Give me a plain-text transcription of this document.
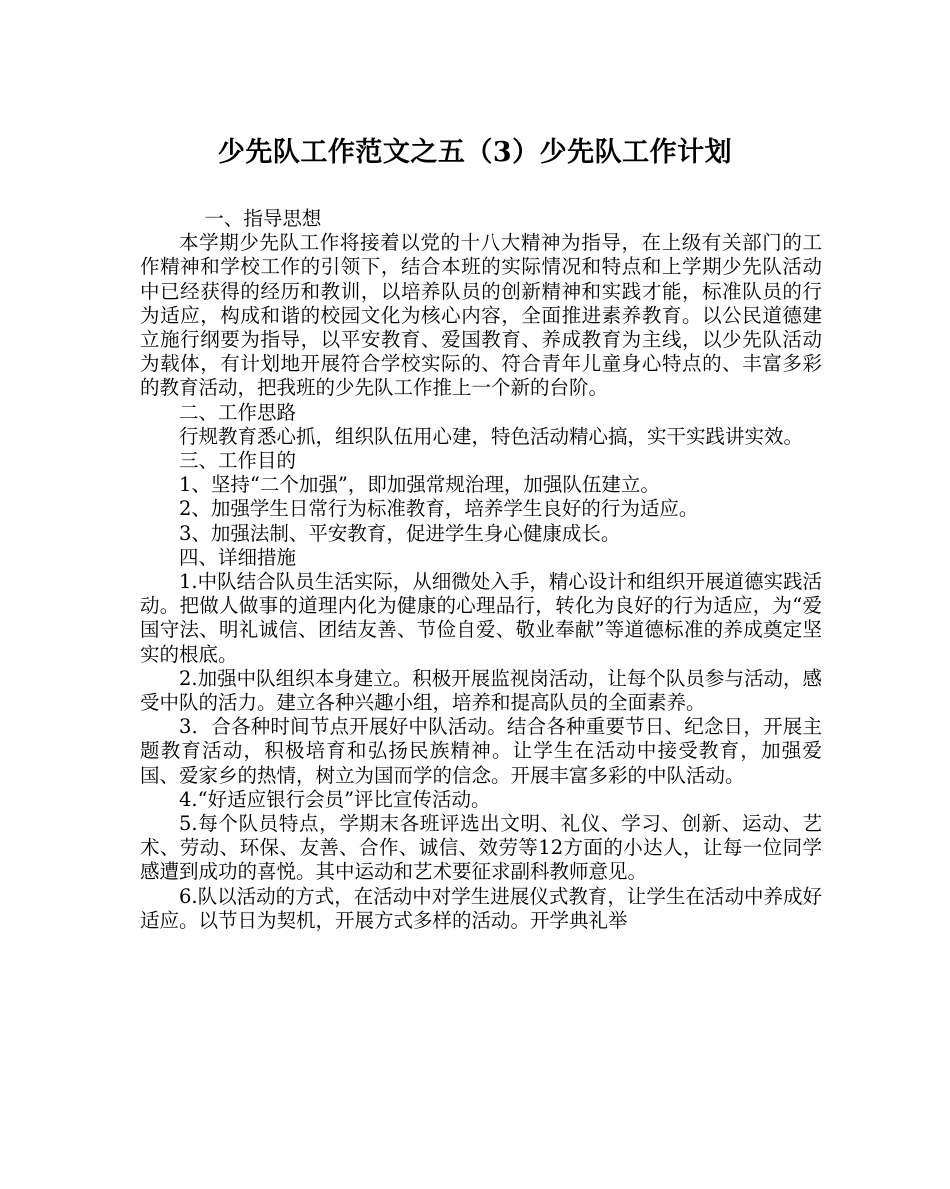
少先队工作范文之五（3）少先队工作计划

一、指导思想

本学期少先队工作将接着以党的十八大精神为指导，在上级有关部门的工作精神和学校工作的引领下，结合本班的实际情况和特点和上学期少先队活动中已经获得的经历和教训，以培养队员的创新精神和实践才能，标准队员的行为适应，构成和谐的校园文化为核心内容，全面推进素养教育。以公民道德建立施行纲要为指导，以平安教育、爱国教育、养成教育为主线，以少先队活动为载体，有计划地开展符合学校实际的、符合青年儿童身心特点的、丰富多彩的教育活动，把我班的少先队工作推上一个新的台阶。

二、工作思路

行规教育悉心抓，组织队伍用心建，特色活动精心搞，实干实践讲实效。

三、工作目的

1、坚持“二个加强”，即加强常规治理，加强队伍建立。

2、加强学生日常行为标准教育，培养学生良好的行为适应。

3、加强法制、平安教育，促进学生身心健康成长。

四、详细措施

1.中队结合队员生活实际，从细微处入手，精心设计和组织开展道德实践活动。把做人做事的道理内化为健康的心理品行，转化为良好的行为适应，为“爱国守法、明礼诚信、团结友善、节俭自爱、敬业奉献”等道德标准的养成奠定坚实的根底。

2.加强中队组织本身建立。积极开展监视岗活动，让每个队员参与活动，感受中队的活力。建立各种兴趣小组，培养和提高队员的全面素养。

3．合各种时间节点开展好中队活动。结合各种重要节日、纪念日，开展主题教育活动，积极培育和弘扬民族精神。让学生在活动中接受教育，加强爱国、爱家乡的热情，树立为国而学的信念。开展丰富多彩的中队活动。

4.“好适应银行会员”评比宣传活动。

5.每个队员特点，学期末各班评选出文明、礼仪、学习、创新、运动、艺术、劳动、环保、友善、合作、诚信、效劳等12方面的小达人，让每一位同学感遭到成功的喜悦。其中运动和艺术要征求副科教师意见。

6.队以活动的方式，在活动中对学生进展仪式教育，让学生在活动中养成好适应。以节日为契机，开展方式多样的活动。开学典礼举
